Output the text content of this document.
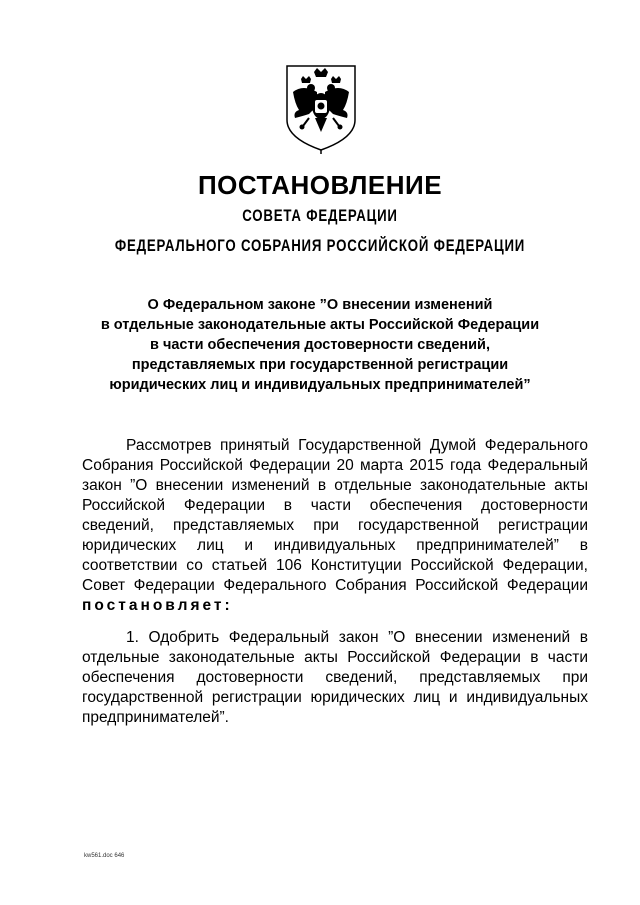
ПОСТАНОВЛЕНИЕ
СОВЕТА ФЕДЕРАЦИИ
ФЕДЕРАЛЬНОГО СОБРАНИЯ РОССИЙСКОЙ ФЕДЕРАЦИИ
О Федеральном законе ”О внесении изменений
в отдельные законодательные акты Российской Федерации
в части обеспечения достоверности сведений,
представляемых при государственной регистрации
юридических лиц и индивидуальных предпринимателей”

Рассмотрев принятый Государственной Думой Федерального Собрания Российской Федерации 20 марта 2015 года Федеральный закон ”О внесении изменений в отдельные законодательные акты Российской Федерации в части обеспечения достоверности сведений, представляемых при государственной регистрации юридических лиц и индивидуальных предпринимателей” в соответствии со статьей 106 Конституции Российской Федерации, Совет Федерации Федерального Собрания Российской Федерации постановляет:

1. Одобрить Федеральный закон ”О внесении изменений в отдельные законодательные акты Российской Федерации в части обеспечения достоверности сведений, представляемых при государственной регистрации юридических лиц и индивидуальных предпринимателей”.

kw561.doc 646
